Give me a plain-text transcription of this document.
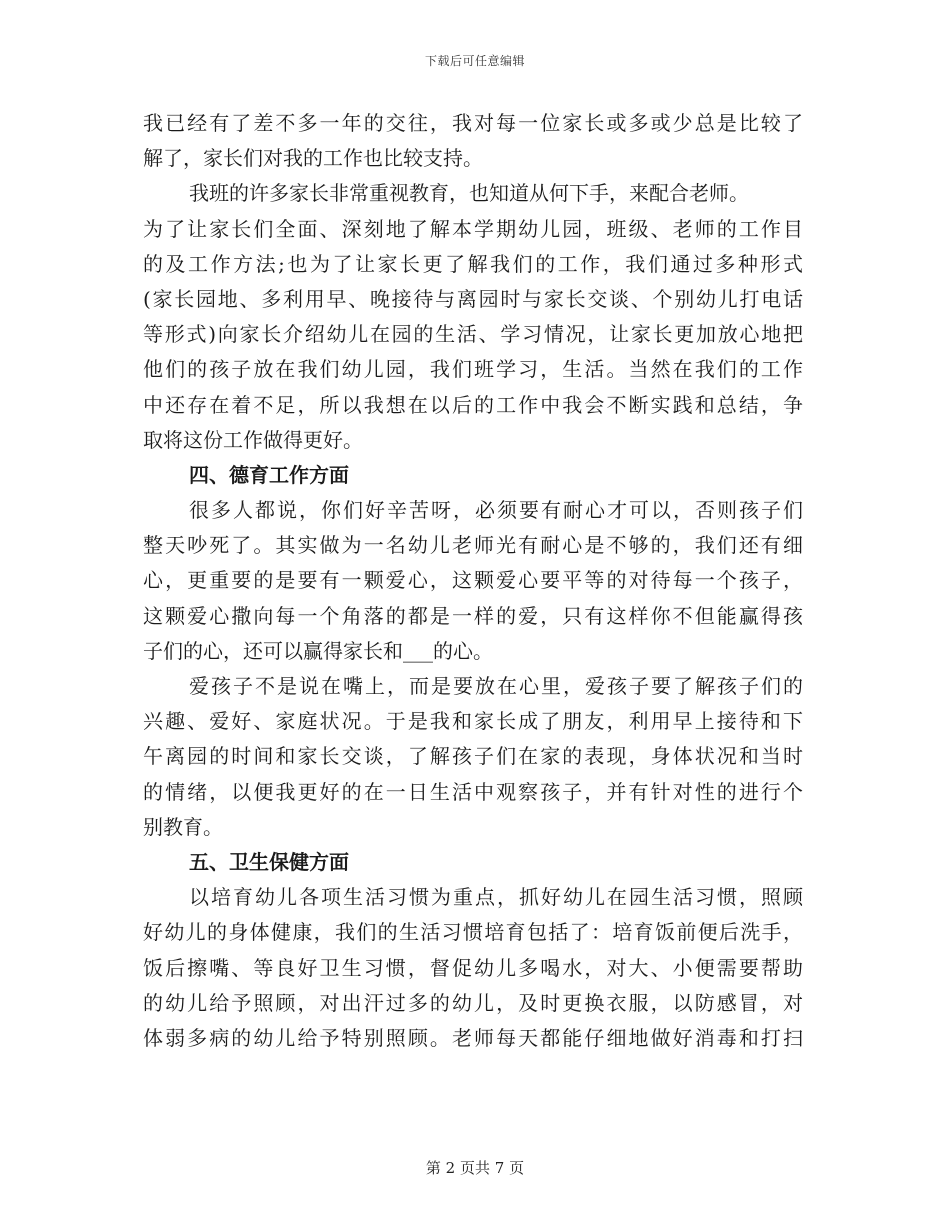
下载后可任意编辑
我已经有了差不多一年的交往，我对每一位家长或多或少总是比较了
解了，家长们对我的工作也比较支持。
我班的许多家长非常重视教育，也知道从何下手，来配合老师。
为了让家长们全面、深刻地了解本学期幼儿园，班级、老师的工作目
的及工作方法;也为了让家长更了解我们的工作，我们通过多种形式
(家长园地、多利用早、晚接待与离园时与家长交谈、个别幼儿打电话
等形式)向家长介绍幼儿在园的生活、学习情况，让家长更加放心地把
他们的孩子放在我们幼儿园，我们班学习，生活。当然在我们的工作
中还存在着不足，所以我想在以后的工作中我会不断实践和总结，争
取将这份工作做得更好。
四、德育工作方面
很多人都说，你们好辛苦呀，必须要有耐心才可以，否则孩子们
整天吵死了。其实做为一名幼儿老师光有耐心是不够的，我们还有细
心，更重要的是要有一颗爱心，这颗爱心要平等的对待每一个孩子，
这颗爱心撒向每一个角落的都是一样的爱，只有这样你不但能赢得孩
子们的心，还可以赢得家长和___的心。
爱孩子不是说在嘴上，而是要放在心里，爱孩子要了解孩子们的
兴趣、爱好、家庭状况。于是我和家长成了朋友，利用早上接待和下
午离园的时间和家长交谈，了解孩子们在家的表现，身体状况和当时
的情绪，以便我更好的在一日生活中观察孩子，并有针对性的进行个
别教育。
五、卫生保健方面
以培育幼儿各项生活习惯为重点，抓好幼儿在园生活习惯，照顾
好幼儿的身体健康，我们的生活习惯培育包括了：培育饭前便后洗手，
饭后擦嘴、等良好卫生习惯，督促幼儿多喝水，对大、小便需要帮助
的幼儿给予照顾，对出汗过多的幼儿，及时更换衣服，以防感冒，对
体弱多病的幼儿给予特别照顾。老师每天都能仔细地做好消毒和打扫
第 2 页共 7 页
